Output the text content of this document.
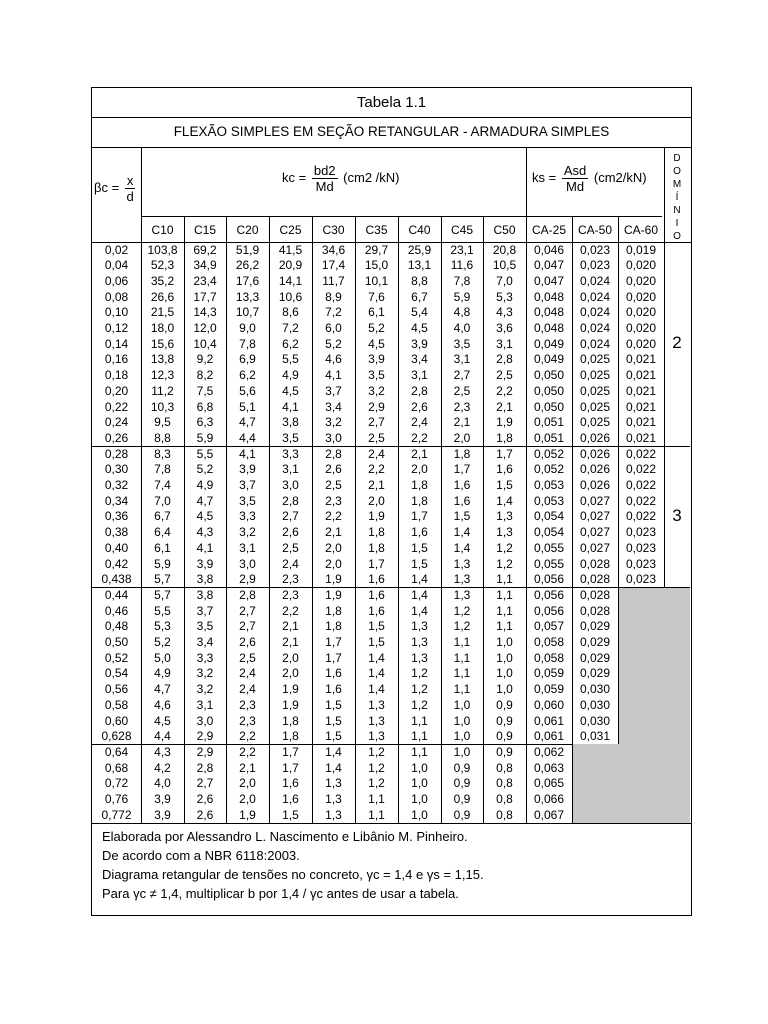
Tabela 1.1
FLEXÃO SIMPLES EM SEÇÃO RETANGULAR - ARMADURA SIMPLES
$\beta c = \frac{x}{d}$	kc = $\frac{bd2}{Md} (cm2$ /kN)	ks = $\frac{\text{Asd}}{Md} (cm2/kN)$
D
O
M
Í
N
I
O
C10	C15	C20	C25	C30	C35	C40	C45	C50	CA-25 CA-50 CA-60
2
3
0,02	103,8	69,2	51,9	41,5	34,6	29,7	25,9	23,1	20,8	0,046	0,023	0,019
0,04	52,3	34,9	26,2	20,9	17,4	15,0	13,1	11,6	10,5	0,047	0,023	0,020
0,06	35,2	23,4	17,6	14,1	11,7	10,1	8,8	7,8	7,0	0,047	0,024	0,020
0,08	26,6	17,7	13,3	10,6	8,9	7,6	6,7	5,9	5,3	0,048	0,024	0,020
0,10	21,5	14,3	10,7	8,6	7,2	6,1	5,4	4,8	4,3	0,048	0,024	0,020
0,12	18,0	12,0	9,0	7,2	6,0	5,2	4,5	4,0	3,6	0,048	0,024	0,020
0,14	15,6	10,4	7,8	6,2	5,2	4,5	3,9	3,5	3,1	0,049	0,024	0,020
0,16	13,8	9,2	6,9	5,5	4,6	3,9	3,4	3,1	2,8	0,049	0,025	0,021
0,18	12,3	8,2	6,2	4,9	4,1	3,5	3,1	2,7	2,5	0,050	0,025	0,021
0,20	11,2	7,5	5,6	4,5	3,7	3,2	2,8	2,5	2,2	0,050	0,025	0,021
0,22	10,3	6,8	5,1	4,1	3,4	2,9	2,6	2,3	2,1	0,050	0,025	0,021
0,24	9,5	6,3	4,7	3,8	3,2	2,7	2,4	2,1	1,9	0,051	0,025	0,021
0,26	8,8	5,9	4,4	3,5	3,0	2,5	2,2	2,0	1,8	0,051	0,026	0,021
0,28	8,3	5,5	4,1	3,3	2,8	2,4	2,1	1,8	1,7	0,052	0,026	0,022
0,30	7,8	5,2	3,9	3,1	2,6	2,2	2,0	1,7	1,6	0,052	0,026	0,022
0,32	7,4	4,9	3,7	3,0	2,5	2,1	1,8	1,6	1,5	0,053	0,026	0,022
0,34	7,0	4,7	3,5	2,8	2,3	2,0	1,8	1,6	1,4	0,053	0,027	0,022
0,36	6,7	4,5	3,3	2,7	2,2	1,9	1,7	1,5	1,3	0,054	0,027	0,022
0,38	6,4	4,3	3,2	2,6	2,1	1,8	1,6	1,4	1,3	0,054	0,027	0,023
0,40	6,1	4,1	3,1	2,5	2,0	1,8	1,5	1,4	1,2	0,055	0,027	0,023
0,42	5,9	3,9	3,0	2,4	2,0	1,7	1,5	1,3	1,2	0,055	0,028	0,023
0,438	5,7	3,8	2,9	2,3	1,9	1,6	1,4	1,3	1,1	0,056	0,028	0,023
0,44	5,7	3,8	2,8	2,3	1,9	1,6	1,4	1,3	1,1	0,056	0,028
0,46	5,5	3,7	2,7	2,2	1,8	1,6	1,4	1,2	1,1	0,056	0,028
0,48	5,3	3,5	2,7	2,1	1,8	1,5	1,3	1,2	1,1	0,057	0,029
0,50	5,2	3,4	2,6	2,1	1,7	1,5	1,3	1,1	1,0	0,058	0,029
0,52	5,0	3,3	2,5	2,0	1,7	1,4	1,3	1,1	1,0	0,058	0,029
0,54	4,9	3,2	2,4	2,0	1,6	1,4	1,2	1,1	1,0	0,059	0,029
0,56	4,7	3,2	2,4	1,9	1,6	1,4	1,2	1,1	1,0	0,059	0,030
0,58	4,6	3,1	2,3	1,9	1,5	1,3	1,2	1,0	0,9	0,060	0,030
0,60	4,5	3,0	2,3	1,8	1,5	1,3	1,1	1,0	0,9	0,061	0,030
0,628	4,4	2,9	2,2	1,8	1,5	1,3	1,1	1,0	0,9	0,061	0,031
0,64	4,3	2,9	2,2	1,7	1,4	1,2	1,1	1,0	0,9	0,062
0,68	4,2	2,8	2,1	1,7	1,4	1,2	1,0	0,9	0,8	0,063
0,72	4,0	2,7	2,0	1,6	1,3	1,2	1,0	0,9	0,8	0,065
0,76	3,9	2,6	2,0	1,6	1,3	1,1	1,0	0,9	0,8	0,066
0,772	3,9	2,6	1,9	1,5	1,3	1,1	1,0	0,9	0,8	0,067
Elaborada por Alessandro L. Nascimento e Libânio M. Pinheiro.
De acordo com a NBR 6118:2003.
Diagrama retangular de tensões no concreto, γc = 1,4 e γs = 1,15.
Para γc ≠ 1,4, multiplicar b por 1,4 / γc antes de usar a tabela.
